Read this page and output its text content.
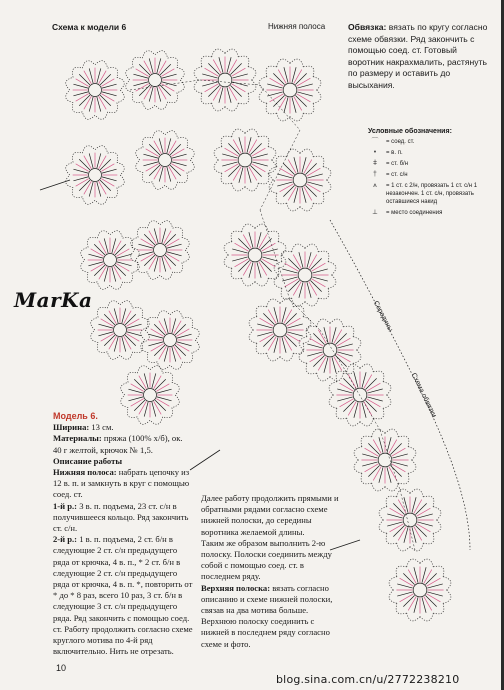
Схема к модели 6	Нижняя полоса	Обвязка: вязать по кругу согласно схеме обвязки. Ряд закончить с помощью соед. ст. Готовый воротник накрахмалить, растянуть по размеру и оставить до высыхания.
Условные обозначения:
⌒	= соед. ст.
•	= в. п.
ǂ	= ст. б/н
†	= ст. с/н
⩚	= 1 ст. с 2/н, провязать 1 ст. с/н 1 незакончен. 1 ст. с/н, провязать оставшиеся накид
⟂	= место соединения
MarKa	Середины
Схема обвязки
Модель 6.
Ширина: 13 см.
Материалы: пряжа (100% х/б), ок. 40 г желтой, крючок № 1,5.
Описание работы
Нижняя полоса: набрать цепочку из 12 в. п. и замкнуть в круг с помощью соед. ст.
1-й р.: 3 в. п. подъема, 23 ст. с/н в получившееся кольцо. Ряд закончить ст. с/н.
2-й р.: 1 в. п. подъема, 2 ст. б/н в следующие 2 ст. с/н предыдущего ряда от крючка, 4 в. п., * 2 ст. б/н в следующие 2 ст. с/н предыдущего ряда от крючка, 4 в. п. *, повторить от * до * 8 раз, всего 10 раз, 3 ст. б/н в следующие 3 ст. с/н предыдущего ряда. Ряд закончить с помощью соед. ст. Работу продолжить согласно схеме круглого мотива по 4-й ряд включительно. Нить не отрезать.
Далее работу продолжить прямыми и обратными рядами согласно схеме нижней полоски, до середины воротника желаемой длины.
Таким же образом выполнить 2-ю полоску. Полоски соединить между собой с помощью соед. ст. в последнем ряду.
Верхняя полоска: вязать согласно описанию и схеме нижней полоски, связав на два мотива больше.
Верхнюю полоску соединить с нижней в последнем ряду согласно схеме и фото.
10
blog.sina.com.cn/u/2772238210
